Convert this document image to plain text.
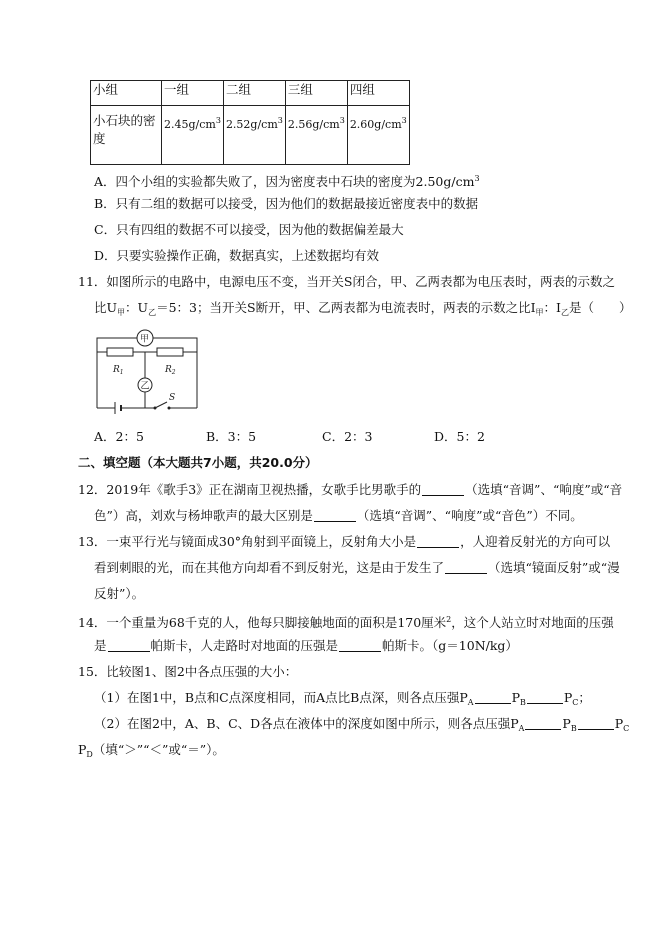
小组	一组	二组	三组	四组
小石块的密
度	$2.45g/cm^3$	$2.52g/cm^3$	$2.56g/cm^3$	$2.60g/cm^3$
A．四个小组的实验都失败了，因为密度表中石块的密度为$2.50g/cm^3$
B．只有二组的数据可以接受，因为他们的数据最接近密度表中的数据
C．只有四组的数据不可以接受，因为他的数据偏差最大
D．只要实验操作正确，数据真实，上述数据均有效
11．如图所示的电路中，电源电压不变，当开关S闭合，甲、乙两表都为电压表时，两表的示数之
比$U_甲$：$U_乙=5$：3；当开关S断开，甲、乙两表都为电流表时，两表的示数之比$I_甲$：$I_乙$是（　　）
甲
乙
$R_1$	$R_2$
S
A．2：5	B．3：5	C．2：3	D．5：2
二、填空题（本大题共7小题，共20.0分）
12．2019年《歌手3》正在湖南卫视热播，女歌手比男歌手的	（选填“音调”、“响度”或“音
色”）高，刘欢与杨坤歌声的最大区别是	（选填“音调”、“响度”或“音色”）不同。
13．一束平行光与镜面成30°角射到平面镜上，反射角大小是	，人迎着反射光的方向可以
看到刺眼的光，而在其他方向却看不到反射光，这是由于发生了	（选填“镜面反射”或“漫
反射”）。
14．一个重量为68千克的人，他每只脚接触地面的面积是170厘米$^2$，这个人站立时对地面的压强
是	帕斯卡，人走路时对地面的压强是	帕斯卡。（g＝10N/kg）
15．比较图1、图2中各点压强的大小：
（1）在图1中，B点和C点深度相同，而A点比B点深，则各点压强$P_A$	$P_B$	$P_C$；
（2）在图2中，A、B、C、D各点在液体中的深度如图中所示，则各点压强$P_A$	$P_B$	$P_C$
$P_D$（填“＞”“＜”或“＝”）。
